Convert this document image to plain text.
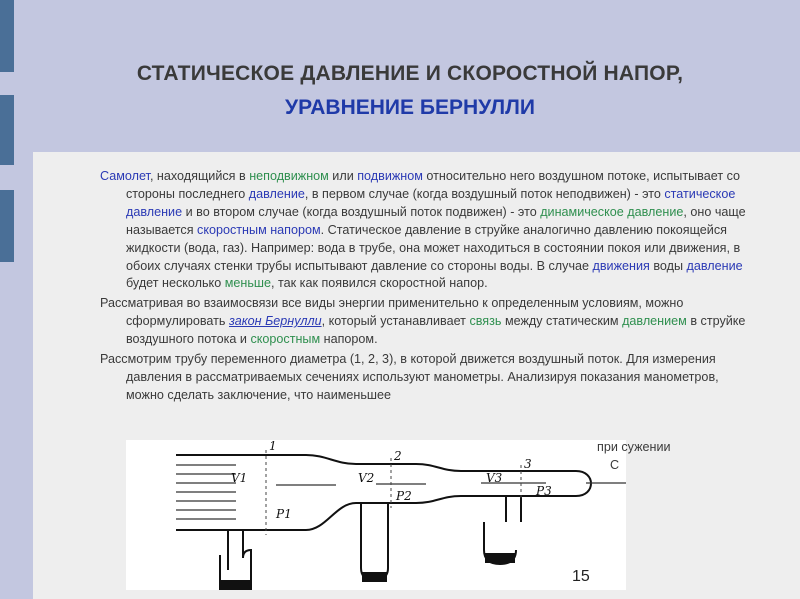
СТАТИЧЕСКОЕ ДАВЛЕНИЕ И СКОРОСТНОЙ НАПОР,
УРАВНЕНИЕ БЕРНУЛЛИ

Самолет, находящийся в неподвижном или подвижном относительно него воздушном потоке, испытывает со стороны последнего давление, в первом случае (когда воздушный поток неподвижен) - это статическое давление и во втором случае (когда воздушный поток подвижен) - это динамическое давление, оно чаще называется скоростным напором. Статическое давление в струйке аналогично давлению покоящейся жидкости (вода, газ). Например: вода в трубе, она может находиться в состоянии покоя или движения, в обоих случаях стенки трубы испытывают давление со стороны воды. В случае движения воды давление будет несколько меньше, так как появился скоростной напор.

Рассматривая во взаимосвязи все виды энергии применительно к определенным условиям, можно сформулировать закон Бернулли, который устанавливает связь между статическим давлением в струйке воздушного потока и скоростным напором.

Рассмотрим трубу переменного диаметра (1, 2, 3), в которой движется воздушный поток. Для измерения давления в рассматриваемых сечениях используют манометры. Анализируя показания манометров, можно сделать заключение, что наименьшее

1
2
3
V1	V2	V3
P1
P2	P3
при сужении
С
15
